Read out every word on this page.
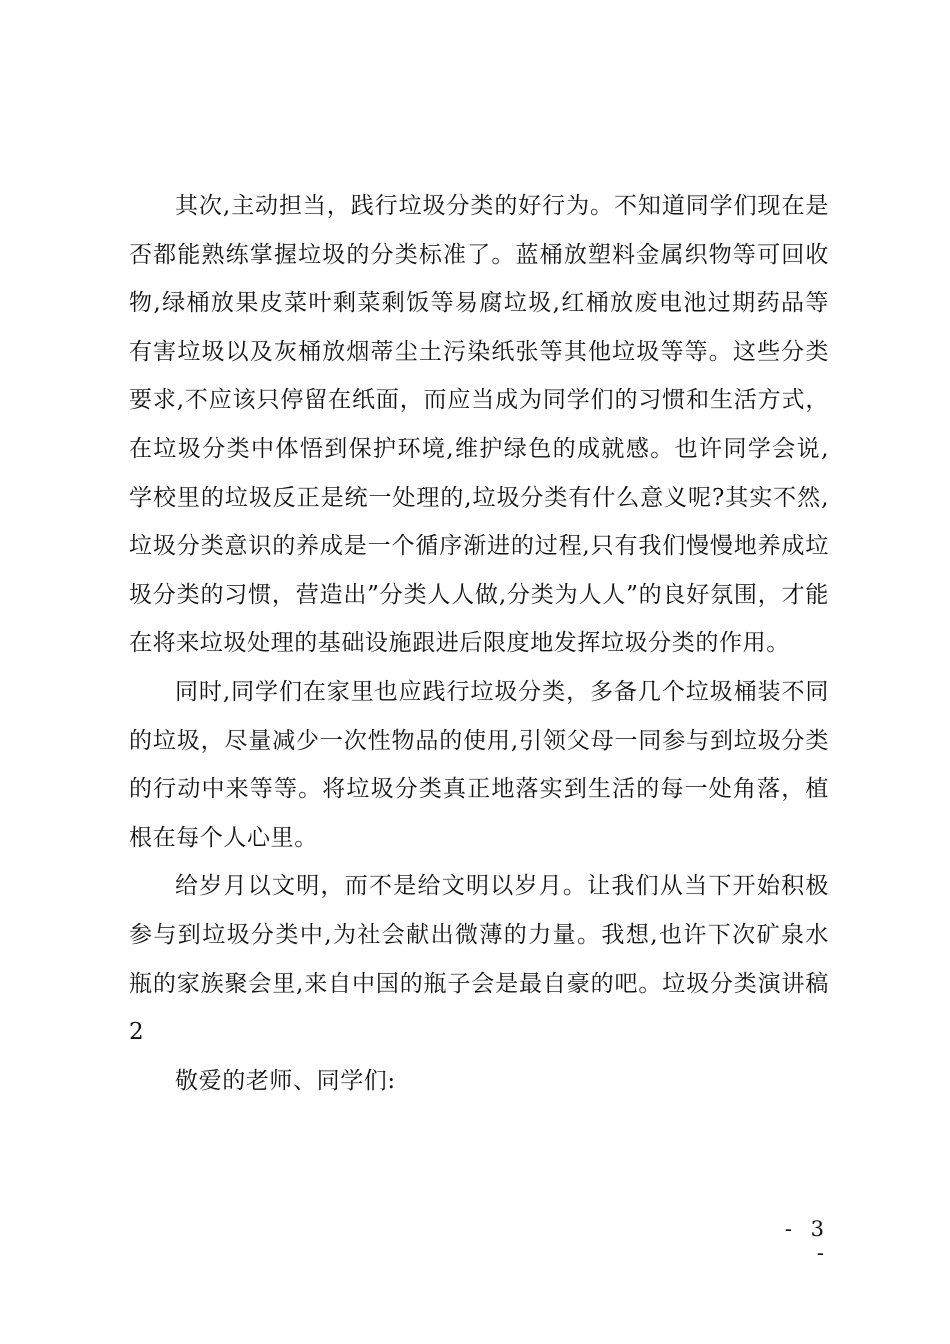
其次,主动担当，践行垃圾分类的好行为。不知道同学们现在是否都能熟练掌握垃圾的分类标准了。蓝桶放塑料金属织物等可回收物,绿桶放果皮菜叶剩菜剩饭等易腐垃圾,红桶放废电池过期药品等有害垃圾以及灰桶放烟蒂尘土污染纸张等其他垃圾等等。这些分类要求,不应该只停留在纸面，而应当成为同学们的习惯和生活方式，在垃圾分类中体悟到保护环境,维护绿色的成就感。也许同学会说,学校里的垃圾反正是统一处理的,垃圾分类有什么意义呢?其实不然,垃圾分类意识的养成是一个循序渐进的过程,只有我们慢慢地养成垃圾分类的习惯，营造出”分类人人做,分类为人人”的良好氛围，才能在将来垃圾处理的基础设施跟进后限度地发挥垃圾分类的作用。

同时,同学们在家里也应践行垃圾分类，多备几个垃圾桶装不同的垃圾，尽量减少一次性物品的使用,引领父母一同参与到垃圾分类的行动中来等等。将垃圾分类真正地落实到生活的每一处角落，植根在每个人心里。

给岁月以文明，而不是给文明以岁月。让我们从当下开始积极参与到垃圾分类中,为社会献出微薄的力量。我想,也许下次矿泉水瓶的家族聚会里,来自中国的瓶子会是最自豪的吧。垃圾分类演讲稿2

敬爱的老师、同学们:

- 3 -
